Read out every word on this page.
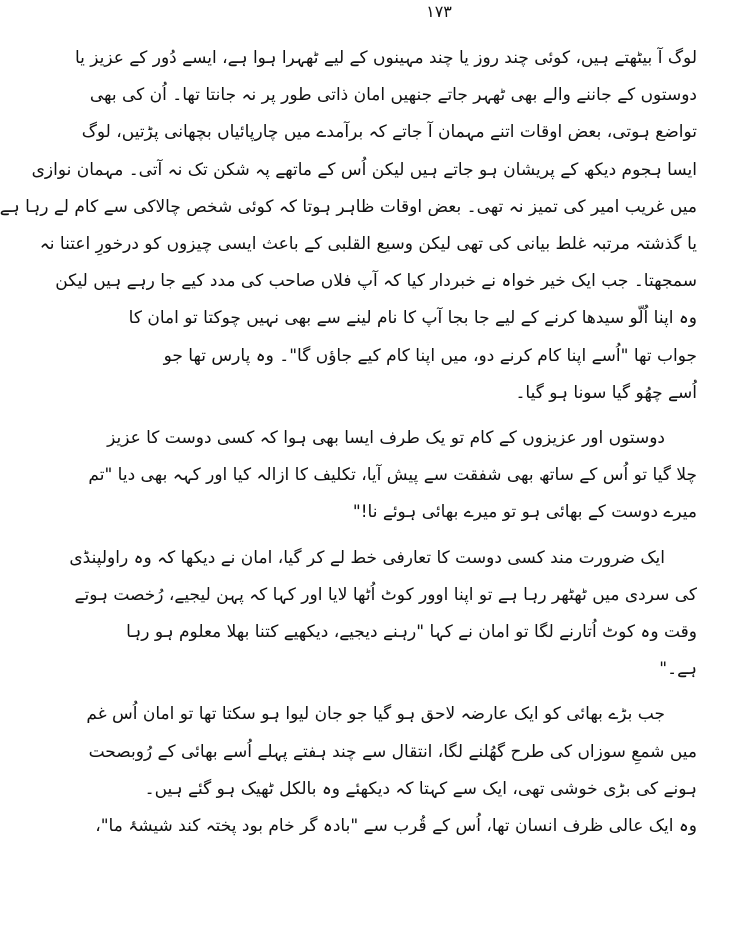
۱۷۳

لوگ آ بیٹھتے ہیں، کوئی چند روز یا چند مہینوں کے لیے ٹھہرا ہوا ہے، ایسے دُور کے عزیز یا
دوستوں کے جاننے والے بھی ٹھہر جاتے جنھیں امان ذاتی طور پر نہ جانتا تھا۔ اُن کی بھی
تواضع ہوتی، بعض اوقات اتنے مہمان آ جاتے کہ برآمدے میں چارپائیاں بچھانی پڑتیں، لوگ
ایسا ہجوم دیکھ کے پریشان ہو جاتے ہیں لیکن اُس کے ماتھے پہ شکن تک نہ آتی۔ مہمان نوازی
میں غریب امیر کی تمیز نہ تھی۔ بعض اوقات ظاہر ہوتا کہ کوئی شخص چالاکی سے کام لے رہا ہے
یا گذشتہ مرتبہ غلط بیانی کی تھی لیکن وسیع القلبی کے باعث ایسی چیزوں کو درخورِ اعتنا نہ
سمجھتا۔ جب ایک خیر خواہ نے خبردار کیا کہ آپ فلاں صاحب کی مدد کیے جا رہے ہیں لیکن
وہ اپنا اُلّو سیدھا کرنے کے لیے جا بجا آپ کا نام لینے سے بھی نہیں چوکتا تو امان کا
جواب تھا "اُسے اپنا کام کرنے دو، میں اپنا کام کیے جاؤں گا"۔ وہ پارس تھا جو
اُسے چھُو گیا سونا ہو گیا۔

دوستوں اور عزیزوں کے کام تو یک طرف ایسا بھی ہوا کہ کسی دوست کا عزیز
چلا گیا تو اُس کے ساتھ بھی شفقت سے پیش آیا، تکلیف کا ازالہ کیا اور کہہ بھی دیا "تم
میرے دوست کے بھائی ہو تو میرے بھائی ہوئے نا!"

ایک ضرورت مند کسی دوست کا تعارفی خط لے کر گیا، امان نے دیکھا کہ وہ راولپنڈی
کی سردی میں ٹھٹھر رہا ہے تو اپنا اوور کوٹ اُٹھا لایا اور کہا کہ پہن لیجیے، رُخصت ہوتے
وقت وہ کوٹ اُتارنے لگا تو امان نے کہا "رہنے دیجیے، دیکھیے کتنا بھلا معلوم ہو رہا
ہے۔"

جب بڑے بھائی کو ایک عارضہ لاحق ہو گیا جو جان لیوا ہو سکتا تھا تو امان اُس غم
میں شمعِ سوزاں کی طرح گھُلنے لگا، انتقال سے چند ہفتے پہلے اُسے بھائی کے رُوبصحت
ہونے کی بڑی خوشی تھی، ایک سے کہتا کہ دیکھئے وہ بالکل ٹھیک ہو گئے ہیں۔
وہ ایک عالی ظرف انسان تھا، اُس کے قُرب سے "بادہ گر خام بود پختہ کند شیشۂ ما"،
